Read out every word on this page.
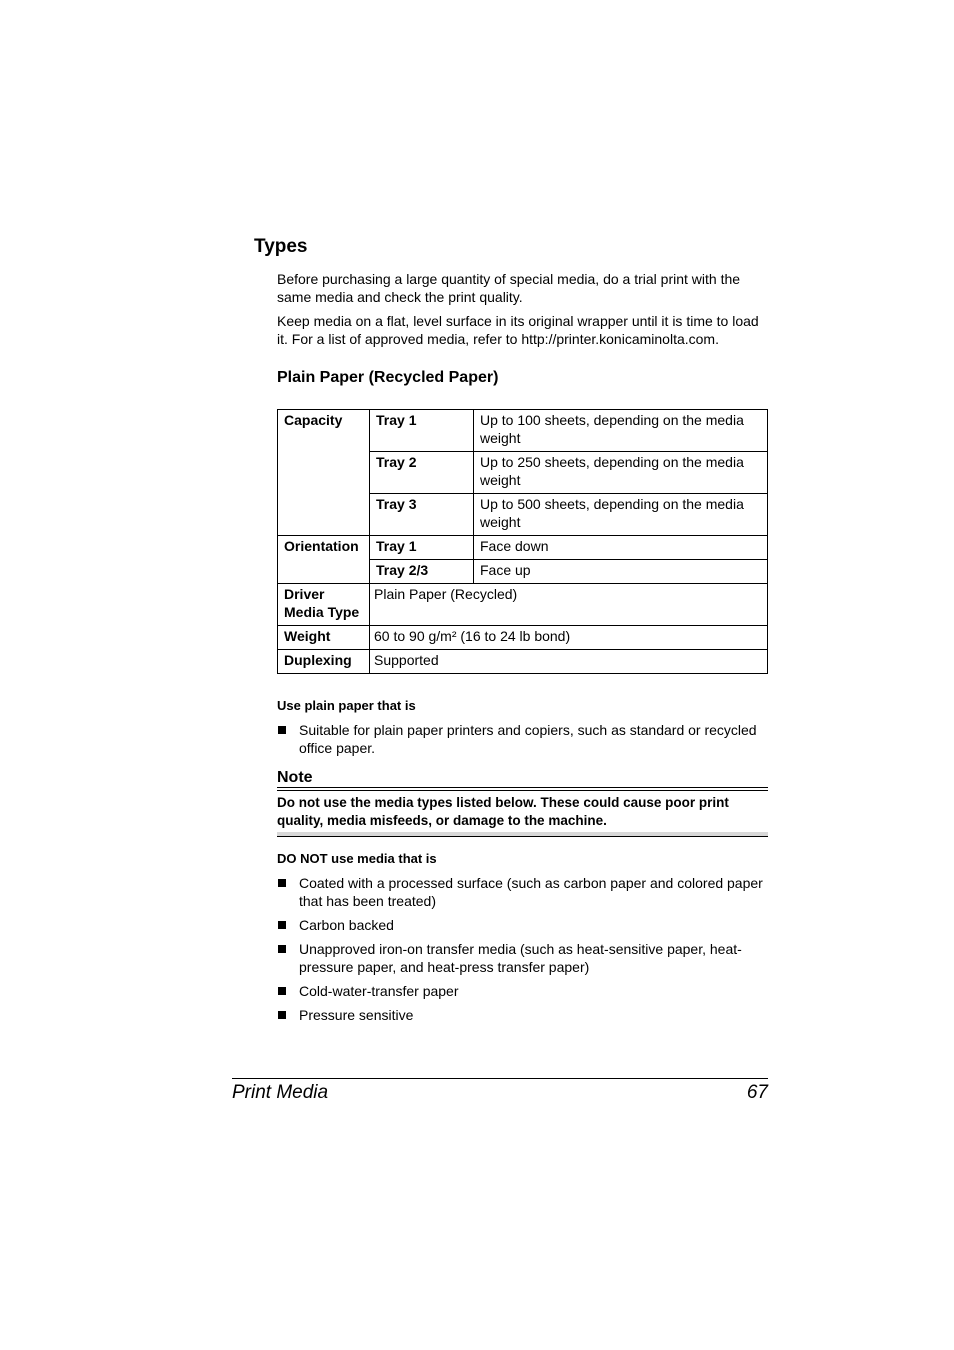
Types

Before purchasing a large quantity of special media, do a trial print with the same media and check the print quality.

Keep media on a flat, level surface in its original wrapper until it is time to load it. For a list of approved media, refer to http://printer.konicaminolta.com.

Plain Paper (Recycled Paper)
Capacity	Tray 1	Up to 100 sheets, depending on the media weight
	Tray 2	Up to 250 sheets, depending on the media weight
	Tray 3	Up to 500 sheets, depending on the media weight
Orientation	Tray 1	Face down
	Tray 2/3	Face up
Driver
Media Type	Plain Paper (Recycled)	
Weight	60 to 90 g/m² (16 to 24 lb bond)	
Duplexing	Supported	

Use plain paper that is

Suitable for plain paper printers and copiers, such as standard or recycled office paper.
Note

Do not use the media types listed below. These could cause poor print quality, media misfeeds, or damage to the machine.

DO NOT use media that is

Coated with a processed surface (such as carbon paper and colored paper that has been treated)
Carbon backed
Unapproved iron-on transfer media (such as heat-sensitive paper, heat-pressure paper, and heat-press transfer paper)
Cold-water-transfer paper
Pressure sensitive

Print Media	67
